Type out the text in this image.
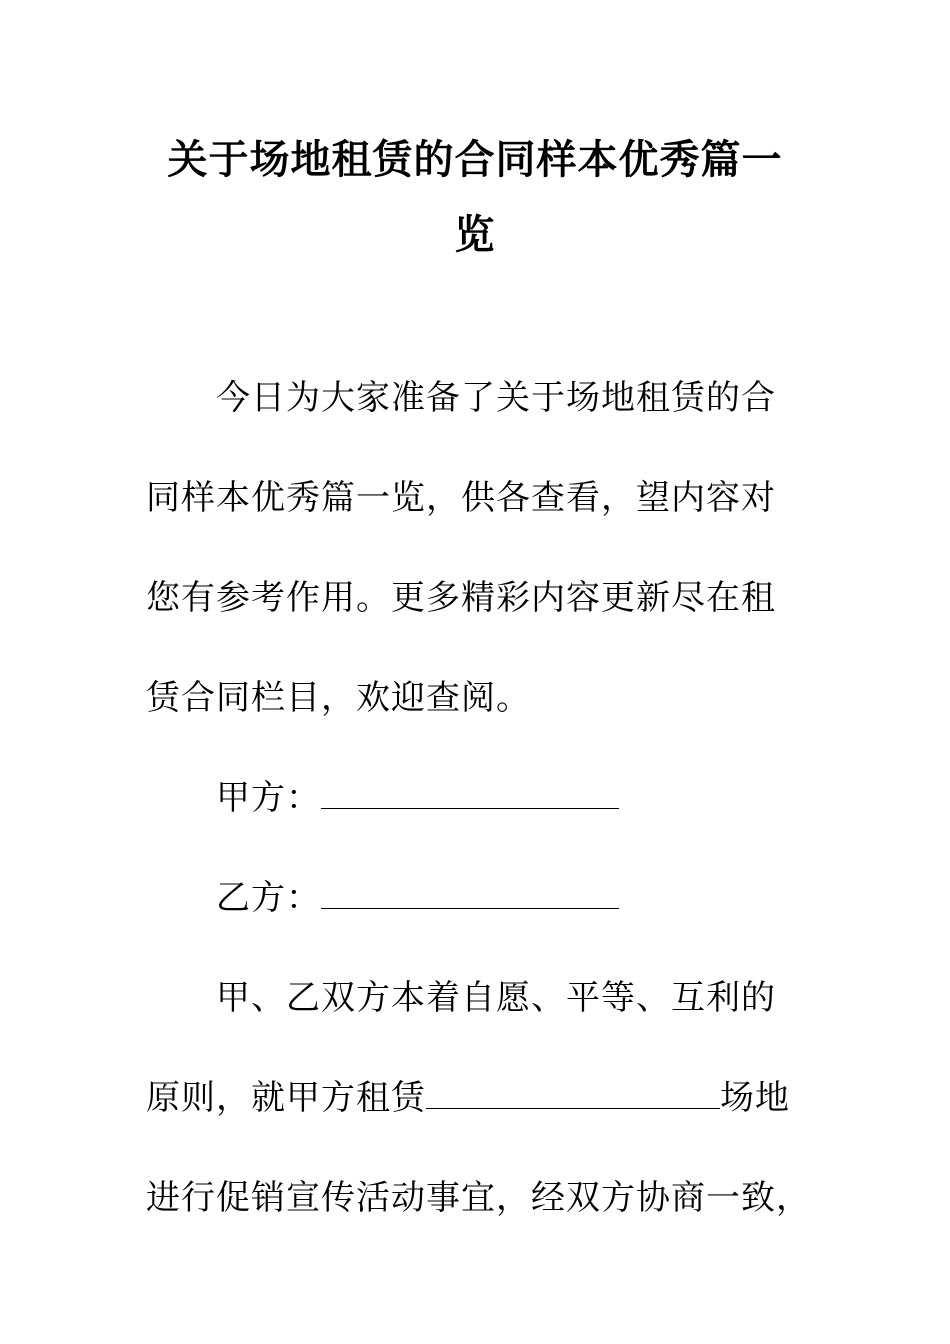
关于场地租赁的合同样本优秀篇一
览
今日为大家准备了关于场地租赁的合
同样本优秀篇一览，供各查看，望内容对
您有参考作用。更多精彩内容更新尽在租
赁合同栏目，欢迎查阅。
甲方：
乙方：
甲、乙双方本着自愿、平等、互利的
原则，就甲方租赁	场地
进行促销宣传活动事宜，经双方协商一致，
